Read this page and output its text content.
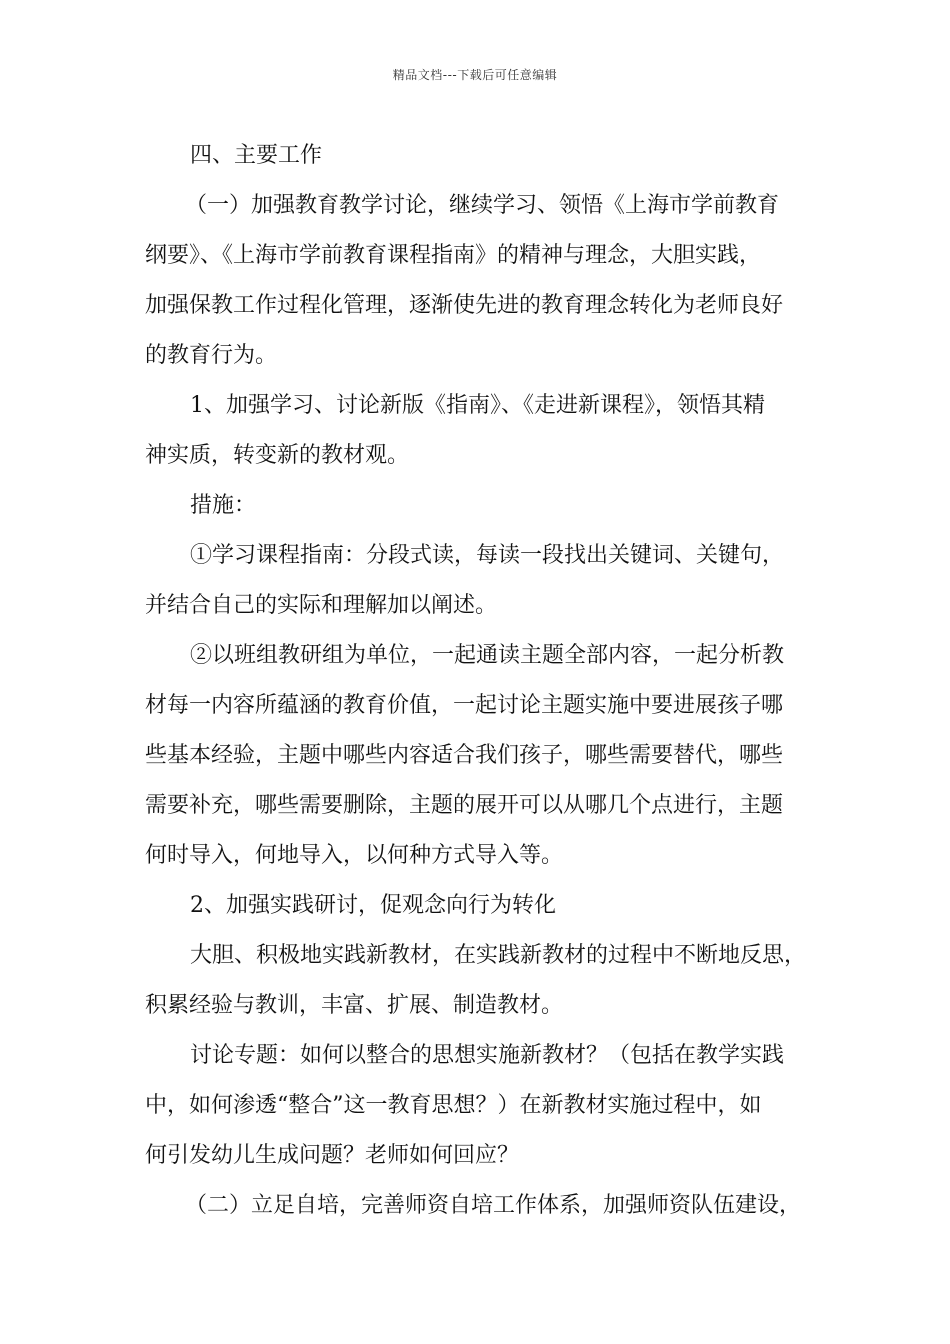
精品文档---下载后可任意编辑
四、主要工作
（一）加强教育教学讨论，继续学习、领悟《上海市学前教育
纲要》、《上海市学前教育课程指南》的精神与理念，大胆实践，
加强保教工作过程化管理，逐渐使先进的教育理念转化为老师良好
的教育行为。
1、加强学习、讨论新版《指南》、《走进新课程》，领悟其精
神实质，转变新的教材观。
措施：
①学习课程指南：分段式读，每读一段找出关键词、关键句，
并结合自己的实际和理解加以阐述。
②以班组教研组为单位，一起通读主题全部内容，一起分析教
材每一内容所蕴涵的教育价值，一起讨论主题实施中要进展孩子哪
些基本经验，主题中哪些内容适合我们孩子，哪些需要替代，哪些
需要补充，哪些需要删除，主题的展开可以从哪几个点进行，主题
何时导入，何地导入，以何种方式导入等。
2、加强实践研讨，促观念向行为转化
大胆、积极地实践新教材，在实践新教材的过程中不断地反思，
积累经验与教训，丰富、扩展、制造教材。
讨论专题：如何以整合的思想实施新教材？（包括在教学实践
中，如何渗透“整合”这一教育思想？）在新教材实施过程中，如
何引发幼儿生成问题？老师如何回应？
（二）立足自培，完善师资自培工作体系，加强师资队伍建设，
